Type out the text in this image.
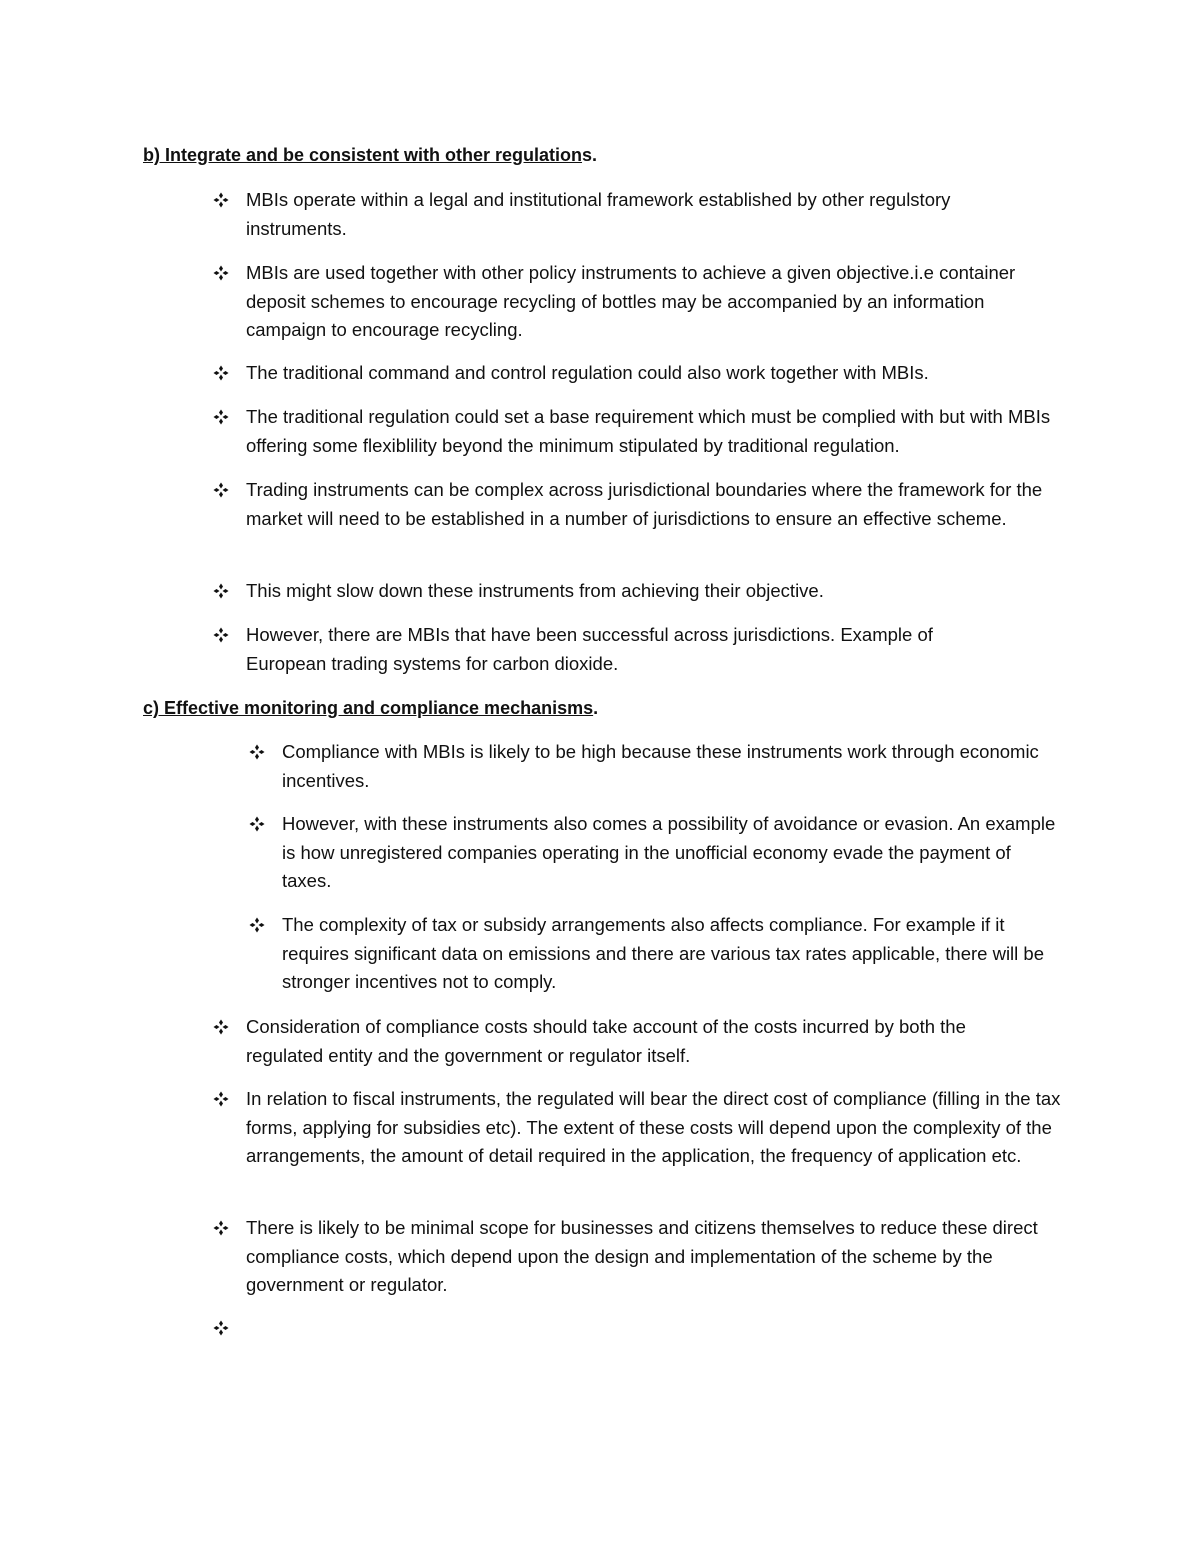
b) Integrate and be consistent with other regulations.
MBIs operate within a legal and institutional framework established by other regulstory instruments.
MBIs are used together with other policy instruments to achieve a given objective.i.e container deposit schemes to encourage recycling of bottles may be accompanied by an information campaign to encourage recycling.
The traditional command and control regulation could also work together with MBIs.
The traditional regulation could set a base requirement which must be complied with but with MBIs offering some flexiblility beyond the minimum stipulated by traditional regulation.
Trading instruments can be complex across jurisdictional boundaries where the framework for the market will need to be established in a number of jurisdictions to ensure an effective scheme.
This might slow down these instruments from achieving their objective.
However, there are MBIs that have been successful across jurisdictions. Example of European trading systems for carbon dioxide.
c) Effective monitoring and compliance mechanisms.
Compliance with MBIs is likely to be high because these instruments work through economic incentives.
However, with these instruments also comes a possibility of avoidance or evasion. An example is how unregistered companies operating in the unofficial economy evade the payment of taxes.
The complexity of tax or subsidy arrangements also affects compliance. For example if it requires significant data on emissions and there are various tax rates applicable, there will be stronger incentives not to comply.
Consideration of compliance costs should take account of the costs incurred by both the regulated entity and the government or regulator itself.
In relation to fiscal instruments, the regulated will bear the direct cost of compliance (filling in the tax forms, applying for subsidies etc). The extent of these costs will depend upon the complexity of the arrangements, the amount of detail required in the application, the frequency of application etc.
There is likely to be minimal scope for businesses and citizens themselves to reduce these direct compliance costs, which depend upon the design and implementation of the scheme by the government or regulator.
